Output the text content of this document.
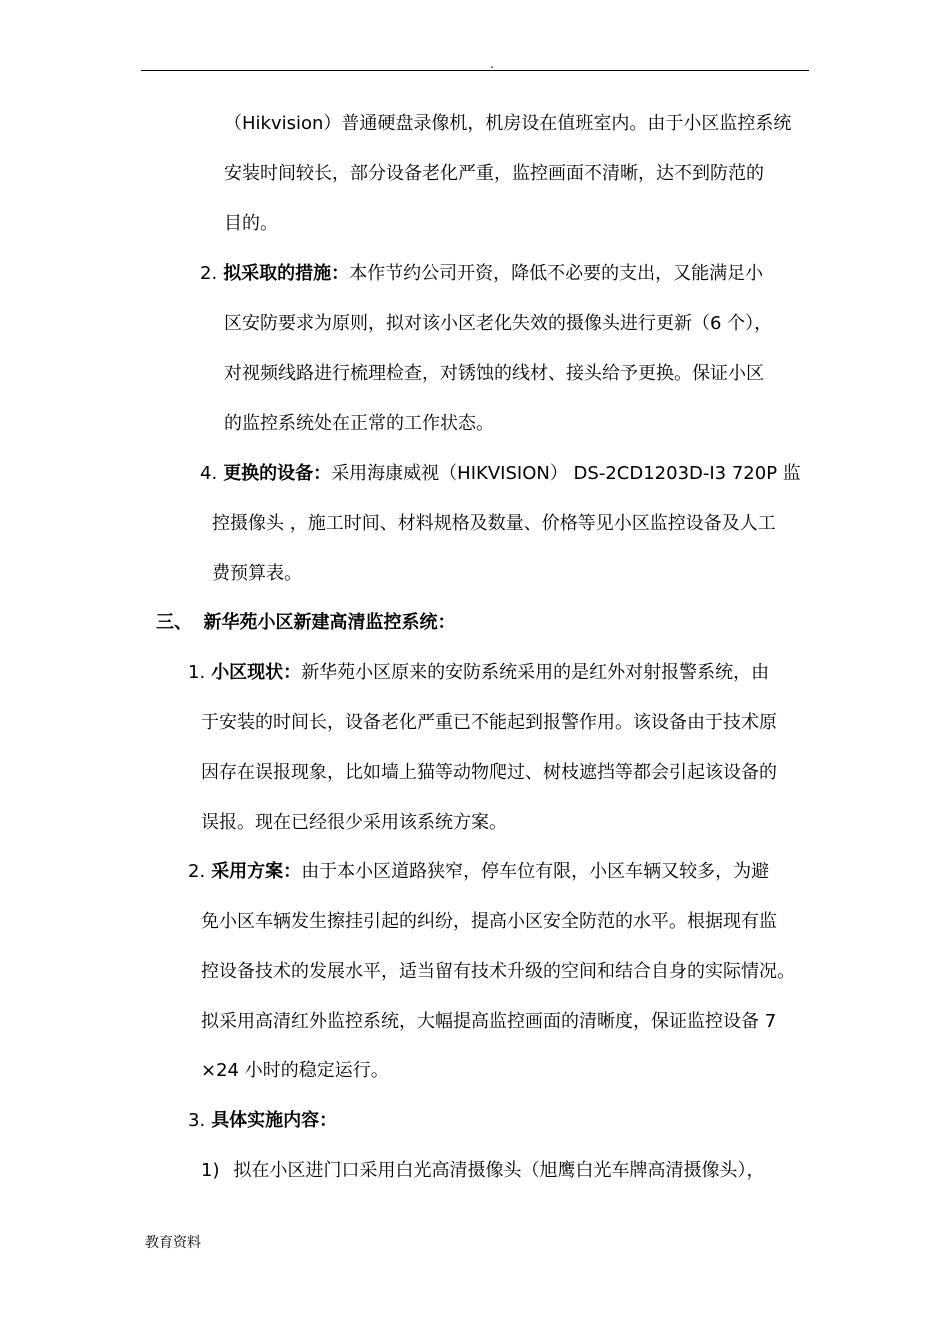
.
（Hikvision）普通硬盘录像机，机房设在值班室内。由于小区监控系统
安装时间较长，部分设备老化严重，监控画面不清晰，达不到防范的
目的。
2. 拟采取的措施：本作节约公司开资，降低不必要的支出，又能满足小
区安防要求为原则，拟对该小区老化失效的摄像头进行更新（6 个），
对视频线路进行梳理检查，对锈蚀的线材、接头给予更换。保证小区
的监控系统处在正常的工作状态。
4. 更换的设备：采用海康威视（HIKVISION） DS-2CD1203D-I3 720P 监
控摄像头 ，施工时间、材料规格及数量、价格等见小区监控设备及人工
费预算表。
三、 新华苑小区新建高清监控系统：
1. 小区现状：新华苑小区原来的安防系统采用的是红外对射报警系统，由
于安装的时间长，设备老化严重已不能起到报警作用。该设备由于技术原
因存在误报现象，比如墙上猫等动物爬过、树枝遮挡等都会引起该设备的
误报。现在已经很少采用该系统方案。
2. 采用方案：由于本小区道路狭窄，停车位有限，小区车辆又较多，为避
免小区车辆发生擦挂引起的纠纷，提高小区安全防范的水平。根据现有监
控设备技术的发展水平，适当留有技术升级的空间和结合自身的实际情况。
拟采用高清红外监控系统，大幅提高监控画面的清晰度，保证监控设备 7
×24 小时的稳定运行。
3. 具体实施内容：
1) 拟在小区进门口采用白光高清摄像头（旭鹰白光车牌高清摄像头），
教育资料
